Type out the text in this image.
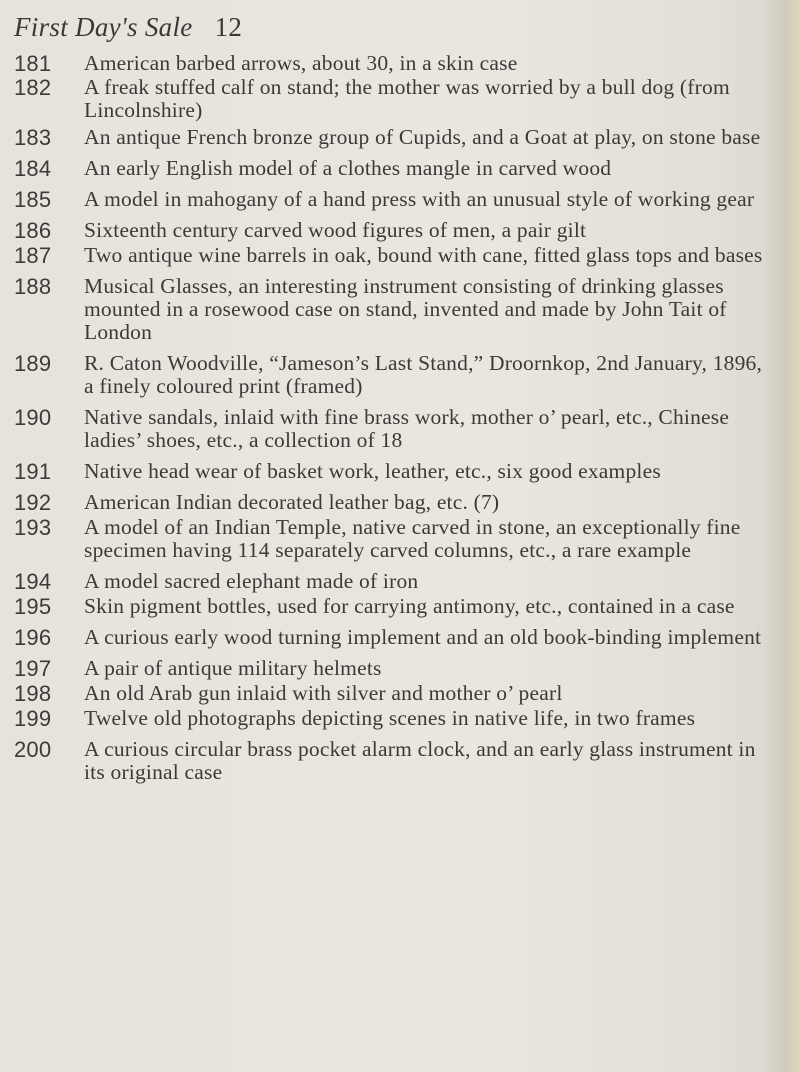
First Day's Sale 12
181	American barbed arrows, about 30, in a skin case
182	A freak stuffed calf on stand; the mother was worried by a bull dog (from Lincolnshire)
183	An antique French bronze group of Cupids, and a Goat at play, on stone base
184	An early English model of a clothes mangle in carved wood
185	A model in mahogany of a hand press with an unusual style of working gear
186	Sixteenth century carved wood figures of men, a pair gilt
187	Two antique wine barrels in oak, bound with cane, fitted glass tops and bases
188	Musical Glasses, an interesting instrument consisting of drinking glasses mounted in a rosewood case on stand, invented and made by John Tait of London
189	R. Caton Woodville, “Jameson’s Last Stand,” Droornkop, 2nd January, 1896, a finely coloured print (framed)
190	Native sandals, inlaid with fine brass work, mother o’ pearl, etc., Chinese ladies’ shoes, etc., a collection of 18
191	Native head wear of basket work, leather, etc., six good examples
192	American Indian decorated leather bag, etc. (7)
193	A model of an Indian Temple, native carved in stone, an exceptionally fine specimen having 114 separately carved columns, etc., a rare example
194	A model sacred elephant made of iron
195	Skin pigment bottles, used for carrying antimony, etc., contained in a case
196	A curious early wood turning implement and an old book-binding implement
197	A pair of antique military helmets
198	An old Arab gun inlaid with silver and mother o’ pearl
199	Twelve old photographs depicting scenes in native life, in two frames
200	A curious circular brass pocket alarm clock, and an early glass instrument in its original case
